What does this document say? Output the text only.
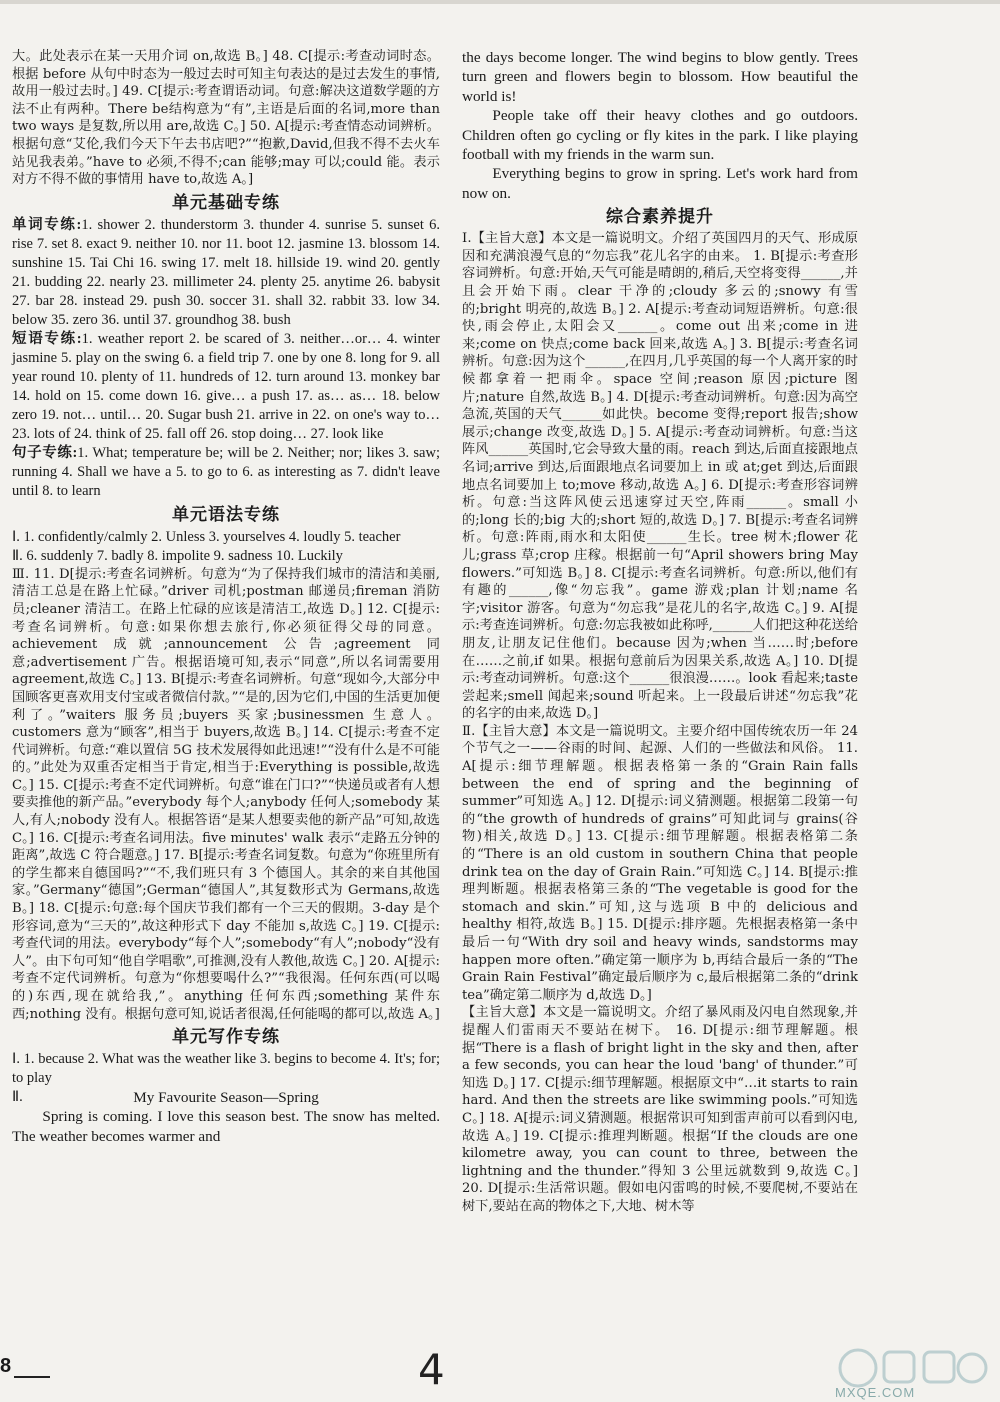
大。此处表示在某一天用介词 on,故选 B。] 48. C[提示:考查动词时态。根据 before 从句中时态为一般过去时可知主句表达的是过去发生的事情,故用一般过去时。] 49. C[提示:考查谓语动词。句意:解决这道数学题的方法不止有两种。There be结构意为“有”,主语是后面的名词,more than two ways 是复数,所以用 are,故选 C。] 50. A[提示:考查情态动词辨析。根据句意“艾伦,我们今天下午去书店吧?”“抱歉,David,但我不得不去火车站见我表弟。”have to 必须,不得不;can 能够;may 可以;could 能。表示对方不得不做的事情用 have to,故选 A。]

单元基础专练

单词专练:1. shower 2. thunderstorm 3. thunder 4. sunrise 5. sunset 6. rise 7. set 8. exact 9. neither 10. nor 11. boot 12. jasmine 13. blossom 14. sunshine 15. Tai Chi 16. swing 17. melt 18. hillside 19. wind 20. gently 21. budding 22. nearly 23. millimeter 24. plenty 25. anytime 26. babysit 27. bar 28. instead 29. push 30. soccer 31. shall 32. rabbit 33. low 34. below 35. zero 36. until 37. groundhog 38. bush

短语专练:1. weather report 2. be scared of 3. neither…or… 4. winter jasmine 5. play on the swing 6. a field trip 7. one by one 8. long for 9. all year round 10. plenty of 11. hundreds of 12. turn around 13. monkey bar 14. hold on 15. come down 16. give… a push 17. as… as… 18. below zero 19. not… until… 20. Sugar bush 21. arrive in 22. on one's way to… 23. lots of 24. think of 25. fall off 26. stop doing… 27. look like

句子专练:1. What; temperature be; will be 2. Neither; nor; likes 3. saw; running 4. Shall we have a 5. to go to 6. as interesting as 7. didn't leave until 8. to learn

单元语法专练

Ⅰ. 1. confidently/calmly 2. Unless 3. yourselves 4. loudly 5. teacher

Ⅱ. 6. suddenly 7. badly 8. impolite 9. sadness 10. Luckily

Ⅲ. 11. D[提示:考查名词辨析。句意为“为了保持我们城市的清洁和美丽,清洁工总是在路上忙碌。”driver 司机;postman 邮递员;fireman 消防员;cleaner 清洁工。在路上忙碌的应该是清洁工,故选 D。] 12. C[提示:考查名词辨析。句意:如果你想去旅行,你必须征得父母的同意。achievement 成就;announcement 公告;agreement 同意;advertisement 广告。根据语境可知,表示“同意”,所以名词需要用 agreement,故选 C。] 13. B[提示:考查名词辨析。句意“现如今,大部分中国顾客更喜欢用支付宝或者微信付款。”“是的,因为它们,中国的生活更加便利了。”waiters 服务员;buyers 买家;businessmen 生意人。customers 意为“顾客”,相当于 buyers,故选 B。] 14. C[提示:考查不定代词辨析。句意:“难以置信 5G 技术发展得如此迅速!”“没有什么是不可能的。”此处为双重否定相当于肯定,相当于:Everything is possible,故选 C。] 15. C[提示:考查不定代词辨析。句意“谁在门口?”“快递员或者有人想要卖推他的新产品。”everybody 每个人;anybody 任何人;somebody 某人,有人;nobody 没有人。根据答语“是某人想要卖他的新产品”可知,故选 C。] 16. C[提示:考查名词用法。five minutes' walk 表示“走路五分钟的距离”,故选 C 符合题意。] 17. B[提示:考查名词复数。句意为“你班里所有的学生都来自德国吗?”“不,我们班只有 3 个德国人。其余的来自其他国家。”Germany“德国”;German“德国人”,其复数形式为 Germans,故选 B。] 18. C[提示:句意:每个国庆节我们都有一个三天的假期。3-day 是个形容词,意为“三天的”,故这种形式下 day 不能加 s,故选 C。] 19. C[提示:考查代词的用法。everybody“每个人”;somebody“有人”;nobody“没有人”。由下句可知“他自学唱歌”,可推测,没有人教他,故选 C。] 20. A[提示:考查不定代词辨析。句意为“你想要喝什么?”“我很渴。任何东西(可以喝的)东西,现在就给我,”。anything 任何东西;something 某件东西;nothing 没有。根据句意可知,说话者很渴,任何能喝的都可以,故选 A。]

单元写作专练

Ⅰ. 1. because 2. What was the weather like 3. begins to become 4. It's; for; to play

Ⅱ.	My Favourite Season—Spring

Spring is coming. I love this season best. The snow has melted. The weather becomes warmer and

the days become longer. The wind begins to blow gently. Trees turn green and flowers begin to blossom. How beautiful the world is!

People take off their heavy clothes and go outdoors. Children often go cycling or fly kites in the park. I like playing football with my friends in the warm sun.

Everything begins to grow in spring. Let's work hard from now on.

综合素养提升

Ⅰ.【主旨大意】本文是一篇说明文。介绍了英国四月的天气、形成原因和充满浪漫气息的“勿忘我”花儿名字的由来。 1. B[提示:考查形容词辨析。句意:开始,天气可能是晴朗的,稍后,天空将变得______,并且会开始下雨。clear 干净的;cloudy 多云的;snowy 有雪的;bright 明亮的,故选 B。] 2. A[提示:考查动词短语辨析。句意:很快,雨会停止,太阳会又______。come out 出来;come in 进来;come on 快点;come back 回来,故选 A。] 3. B[提示:考查名词辨析。句意:因为这个______,在四月,几乎英国的每一个人离开家的时候都拿着一把雨伞。space 空间;reason 原因;picture 图片;nature 自然,故选 B。] 4. D[提示:考查动词辨析。句意:因为高空急流,英国的天气______如此快。become 变得;report 报告;show 展示;change 改变,故选 D。] 5. A[提示:考查动词辨析。句意:当这阵风______英国时,它会导致大量的雨。reach 到达,后面直接跟地点名词;arrive 到达,后面跟地点名词要加上 in 或 at;get 到达,后面跟地点名词要加上 to;move 移动,故选 A。] 6. D[提示:考查形容词辨析。句意:当这阵风使云迅速穿过天空,阵雨______。small 小的;long 长的;big 大的;short 短的,故选 D。] 7. B[提示:考查名词辨析。句意:阵雨,雨水和太阳使______生长。tree 树木;flower 花儿;grass 草;crop 庄稼。根据前一句“April showers bring May flowers.”可知选 B。] 8. C[提示:考查名词辨析。句意:所以,他们有有趣的______,像“勿忘我”。game 游戏;plan 计划;name 名字;visitor 游客。句意为“勿忘我”是花儿的名字,故选 C。] 9. A[提示:考查连词辨析。句意:勿忘我被如此称呼,______人们把这种花送给朋友,让朋友记住他们。because 因为;when 当……时;before 在……之前,if 如果。根据句意前后为因果关系,故选 A。] 10. D[提示:考查动词辨析。句意:这个______很浪漫……。look 看起来;taste 尝起来;smell 闻起来;sound 听起来。上一段最后讲述“勿忘我”花的名字的由来,故选 D。]

Ⅱ.【主旨大意】本文是一篇说明文。主要介绍中国传统农历一年 24 个节气之一——谷雨的时间、起源、人们的一些做法和风俗。 11. A[提示:细节理解题。根据表格第一条的“Grain Rain falls between the end of spring and the beginning of summer”可知选 A。] 12. D[提示:词义猜测题。根据第二段第一句的“the growth of hundreds of grains”可知此词与 grains(谷物)相关,故选 D。] 13. C[提示:细节理解题。根据表格第二条的“There is an old custom in southern China that people drink tea on the day of Grain Rain.”可知选 C。] 14. B[提示:推理判断题。根据表格第三条的“The vegetable is good for the stomach and skin.”可知,这与选项 B 中的 delicious and healthy 相符,故选 B。] 15. D[提示:排序题。先根据表格第一条中最后一句“With dry soil and heavy winds, sandstorms may happen more often.”确定第一顺序为 b,再结合最后一条的“The Grain Rain Festival”确定最后顺序为 c,最后根据第二条的“drink tea”确定第二顺序为 d,故选 D。]

【主旨大意】本文是一篇说明文。介绍了暴风雨及闪电自然现象,并提醒人们雷雨天不要站在树下。 16. D[提示:细节理解题。根据“There is a flash of bright light in the sky and then, after a few seconds, you can hear the loud 'bang' of thunder.”可知选 D。] 17. C[提示:细节理解题。根据原文中“…it starts to rain hard. And then the streets are like swimming pools.”可知选 C。] 18. A[提示:词义猜测题。根据常识可知到雷声前可以看到闪电,故选 A。] 19. C[提示:推理判断题。根据“If the clouds are one kilometre away, you can count to three, between the lightning and the thunder.”得知 3 公里远就数到 9,故选 C。] 20. D[提示:生活常识题。假如电闪雷鸣的时候,不要爬树,不要站在树下,要站在高的物体之下,大地、树木等

8	4	MXQE.COM
